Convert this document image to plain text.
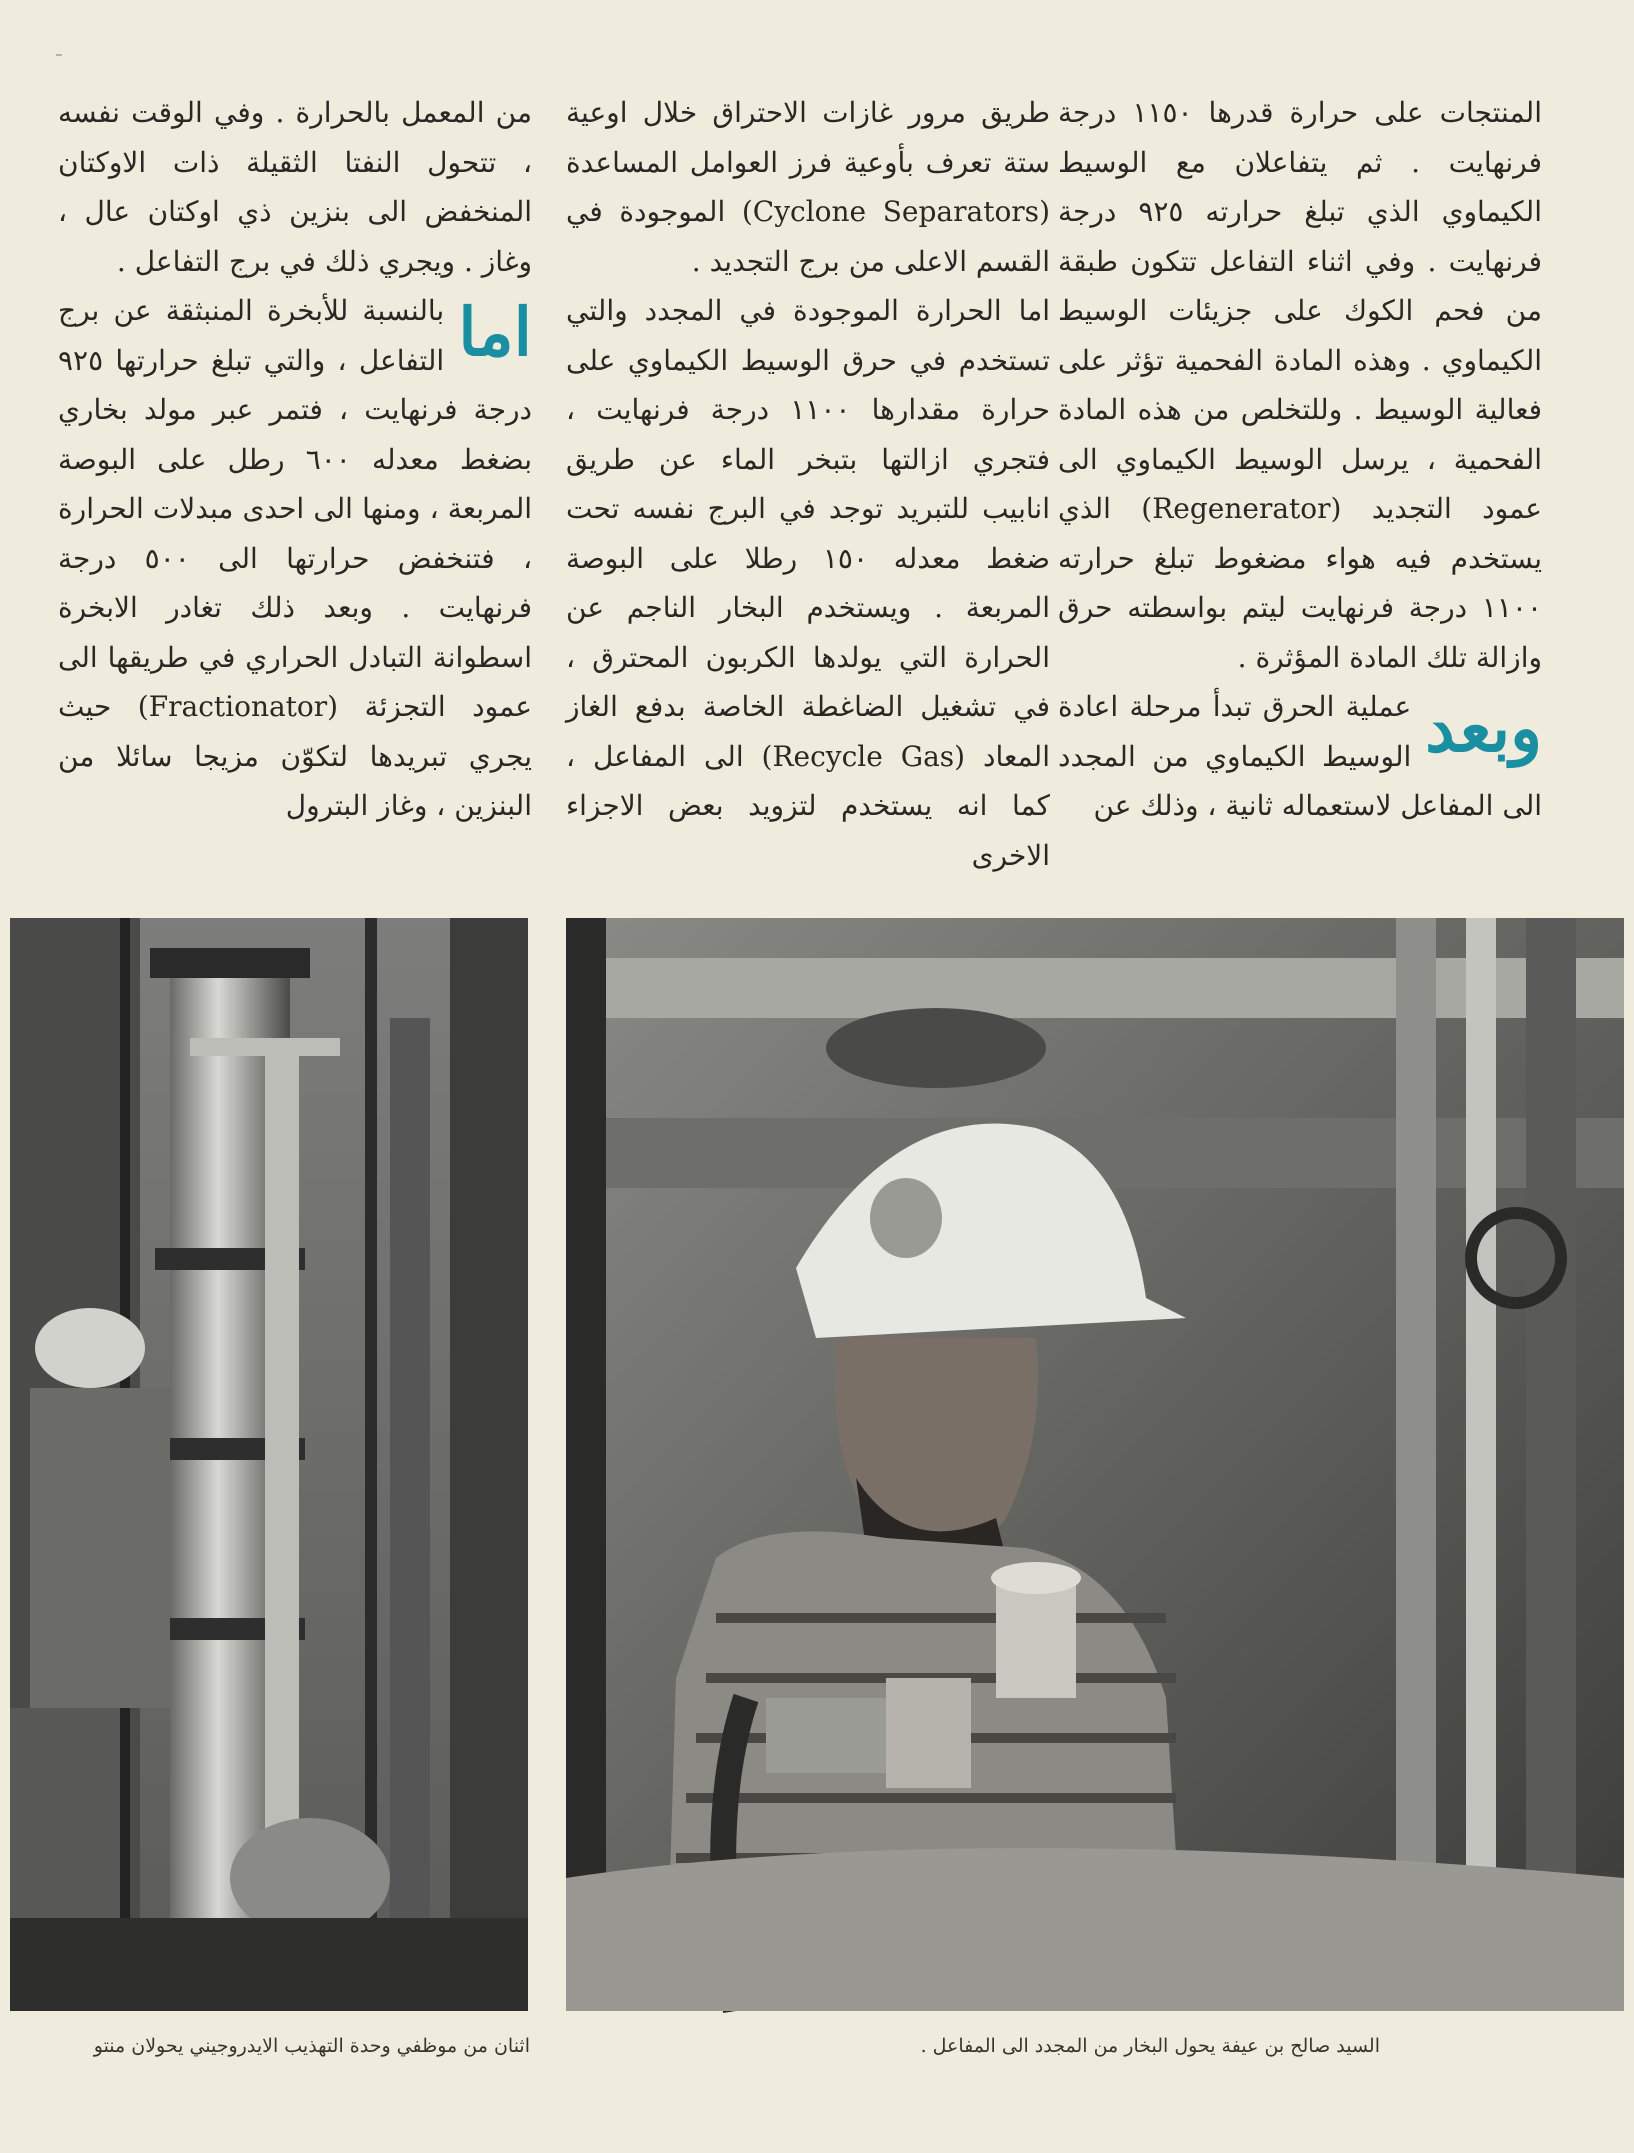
المنتجات على حرارة قدرها ١١٥٠ درجة فرنهايت . ثم يتفاعلان مع الوسيط الكيماوي الذي تبلغ حرارته ٩٢٥ درجة فرنهايت . وفي اثناء التفاعل تتكون طبقة من فحم الكوك على جزيئات الوسيط الكيماوي . وهذه المادة الفحمية تؤثر على فعالية الوسيط . وللتخلص من هذه المادة الفحمية ، يرسل الوسيط الكيماوي الى عمود التجديد (Regenerator) الذي يستخدم فيه هواء مضغوط تبلغ حرارته ١١٠٠ درجة فرنهايت ليتم بواسطته حرق وازالة تلك المادة المؤثرة .

وبعد
عملية الحرق تبدأ مرحلة اعادة الوسيط الكيماوي من المجدد الى المفاعل لاستعماله ثانية ، وذلك عن

طريق مرور غازات الاحتراق خلال اوعية ستة تعرف بأوعية فرز العوامل المساعدة (Cyclone Separators) الموجودة في القسم الاعلى من برج التجديد .

اما الحرارة الموجودة في المجدد والتي تستخدم في حرق الوسيط الكيماوي على حرارة مقدارها ١١٠٠ درجة فرنهايت ، فتجري ازالتها بتبخر الماء عن طريق انابيب للتبريد توجد في البرج نفسه تحت ضغط معدله ١٥٠ رطلا على البوصة المربعة . ويستخدم البخار الناجم عن الحرارة التي يولدها الكربون المحترق ، في تشغيل الضاغطة الخاصة بدفع الغاز المعاد (Recycle Gas) الى المفاعل ، كما انه يستخدم لتزويد بعض الاجزاء الاخرى

من المعمل بالحرارة . وفي الوقت نفسه ، تتحول النفتا الثقيلة ذات الاوكتان المنخفض الى بنزين ذي اوكتان عال ، وغاز . ويجري ذلك في برج التفاعل .

اما
بالنسبة للأبخرة المنبثقة عن برج التفاعل ، والتي تبلغ حرارتها ٩٢٥ درجة فرنهايت ، فتمر عبر مولد بخاري بضغط معدله ٦٠٠ رطل على البوصة المربعة ، ومنها الى احدى مبدلات الحرارة ، فتنخفض حرارتها الى ٥٠٠ درجة فرنهايت . وبعد ذلك تغادر الابخرة اسطوانة التبادل الحراري في طريقها الى عمود التجزئة (Fractionator) حيث يجري تبريدها لتكوّن مزيجا سائلا من البنزين ، وغاز البترول

السيد صالح بن عيفة يحول البخار من المجدد الى المفاعل .
اثنان من موظفي وحدة التهذيب الايدروجيني يحولان منتو
